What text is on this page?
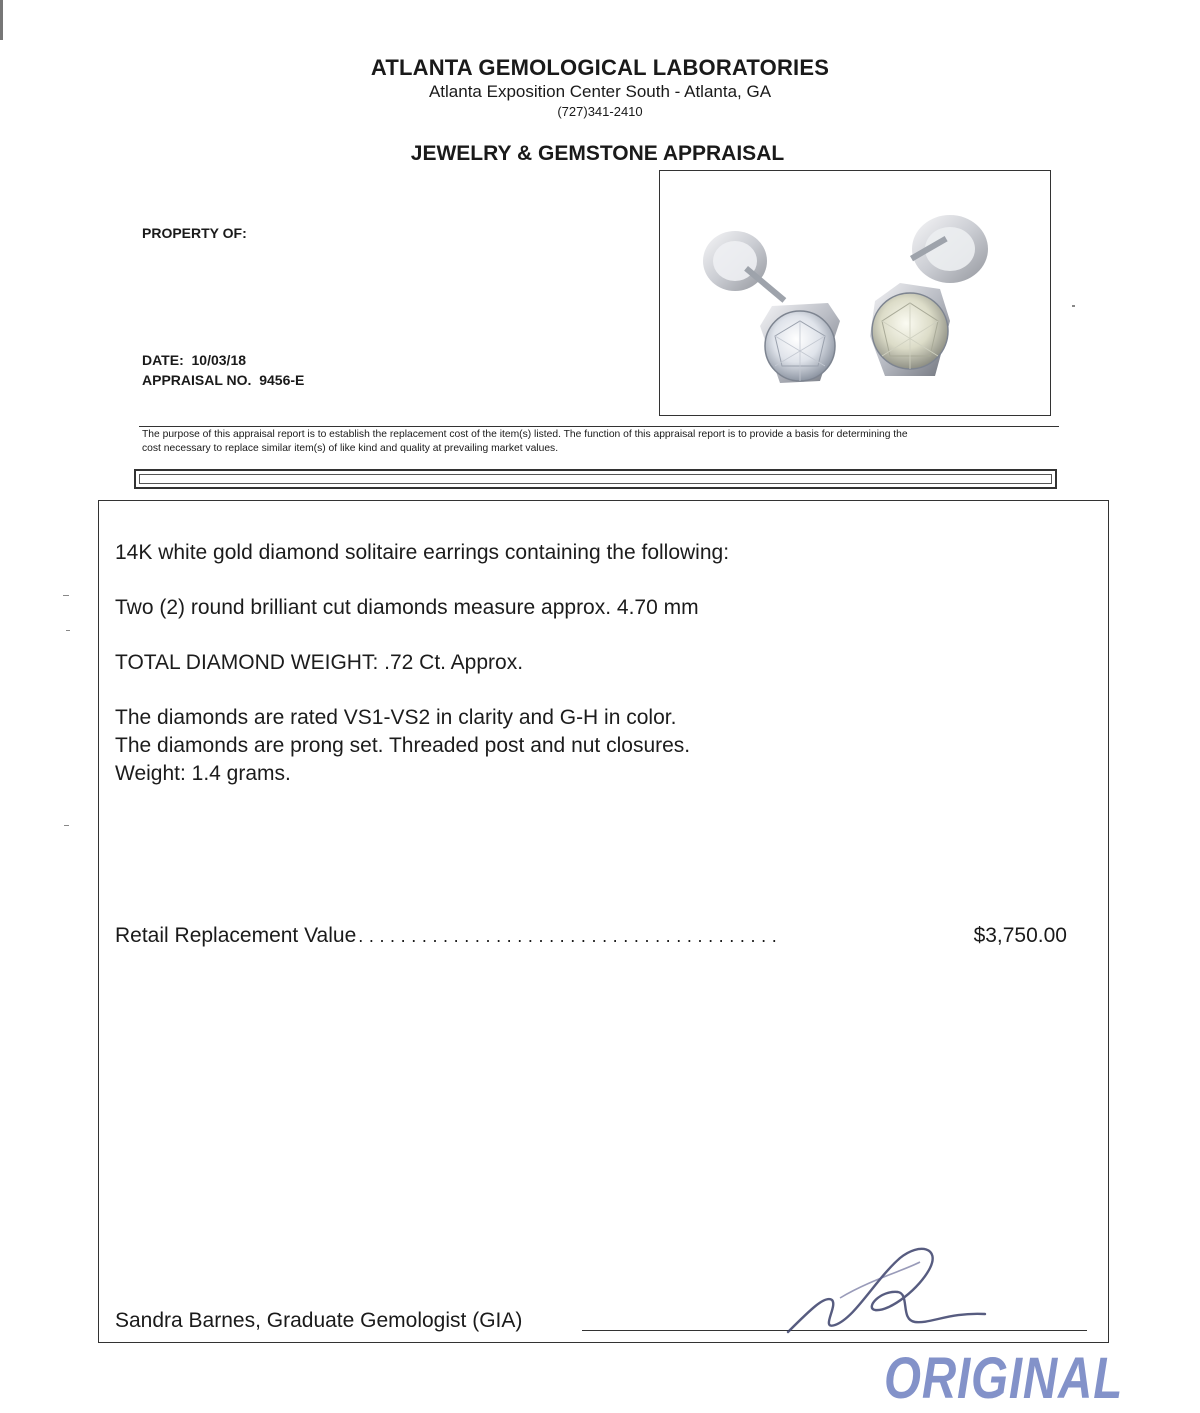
ATLANTA GEMOLOGICAL LABORATORIES
Atlanta Exposition Center South - Atlanta, GA
(727)341-2410
JEWELRY & GEMSTONE APPRAISAL
PROPERTY OF:
DATE: 10/03/18
APPRAISAL NO. 9456-E
The purpose of this appraisal report is to establish the replacement cost of the item(s) listed. The function of this appraisal report is to provide a basis for determining the
cost necessary to replace similar item(s) of like kind and quality at prevailing market values.
14K white gold diamond solitaire earrings containing the following:
Two (2) round brilliant cut diamonds measure approx. 4.70 mm
TOTAL DIAMOND WEIGHT: .72 Ct. Approx.
The diamonds are rated VS1-VS2 in clarity and G-H in color.
The diamonds are prong set. Threaded post and nut closures.
Weight: 1.4 grams.
Retail Replacement Value ........................................	$3,750.00
Sandra Barnes, Graduate Gemologist (GIA)
ORIGINAL
